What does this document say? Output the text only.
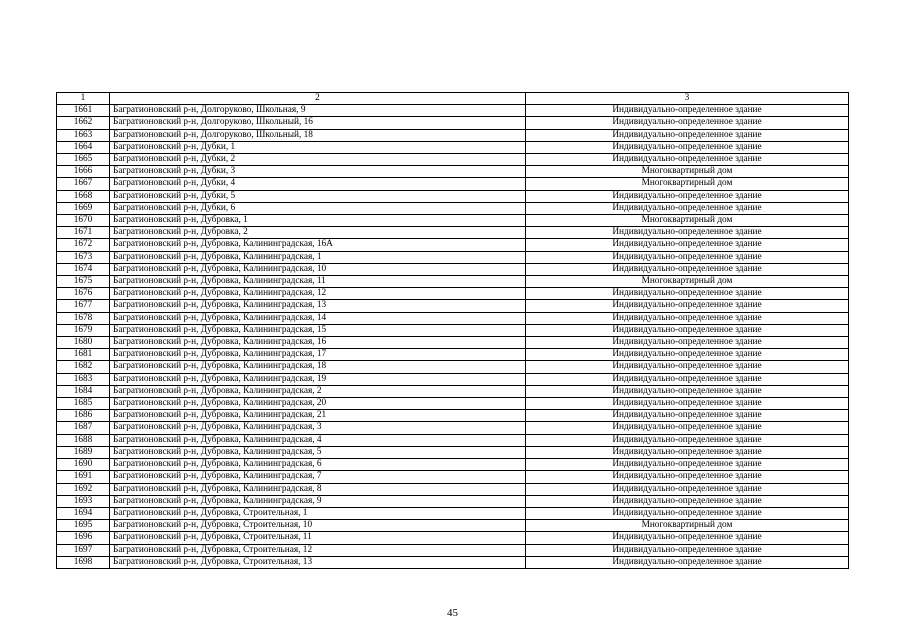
1	2	3
1661	Багратионовский р-н, Долгоруково, Школьная, 9	Индивидуально-определенное здание
1662	Багратионовский р-н, Долгоруково, Школьный, 16	Индивидуально-определенное здание
1663	Багратионовский р-н, Долгоруково, Школьный, 18	Индивидуально-определенное здание
1664	Багратионовский р-н, Дубки, 1	Индивидуально-определенное здание
1665	Багратионовский р-н, Дубки, 2	Индивидуально-определенное здание
1666	Багратионовский р-н, Дубки, 3	Многоквартирный дом
1667	Багратионовский р-н, Дубки, 4	Многоквартирный дом
1668	Багратионовский р-н, Дубки, 5	Индивидуально-определенное здание
1669	Багратионовский р-н, Дубки, 6	Индивидуально-определенное здание
1670	Багратионовский р-н, Дубровка, 1	Многоквартирный дом
1671	Багратионовский р-н, Дубровка, 2	Индивидуально-определенное здание
1672	Багратионовский р-н, Дубровка, Калининградская, 16А	Индивидуально-определенное здание
1673	Багратионовский р-н, Дубровка, Калининградская, 1	Индивидуально-определенное здание
1674	Багратионовский р-н, Дубровка, Калининградская, 10	Индивидуально-определенное здание
1675	Багратионовский р-н, Дубровка, Калининградская, 11	Многоквартирный дом
1676	Багратионовский р-н, Дубровка, Калининградская, 12	Индивидуально-определенное здание
1677	Багратионовский р-н, Дубровка, Калининградская, 13	Индивидуально-определенное здание
1678	Багратионовский р-н, Дубровка, Калининградская, 14	Индивидуально-определенное здание
1679	Багратионовский р-н, Дубровка, Калининградская, 15	Индивидуально-определенное здание
1680	Багратионовский р-н, Дубровка, Калининградская, 16	Индивидуально-определенное здание
1681	Багратионовский р-н, Дубровка, Калининградская, 17	Индивидуально-определенное здание
1682	Багратионовский р-н, Дубровка, Калининградская, 18	Индивидуально-определенное здание
1683	Багратионовский р-н, Дубровка, Калининградская, 19	Индивидуально-определенное здание
1684	Багратионовский р-н, Дубровка, Калининградская, 2	Индивидуально-определенное здание
1685	Багратионовский р-н, Дубровка, Калининградская, 20	Индивидуально-определенное здание
1686	Багратионовский р-н, Дубровка, Калининградская, 21	Индивидуально-определенное здание
1687	Багратионовский р-н, Дубровка, Калининградская, 3	Индивидуально-определенное здание
1688	Багратионовский р-н, Дубровка, Калининградская, 4	Индивидуально-определенное здание
1689	Багратионовский р-н, Дубровка, Калининградская, 5	Индивидуально-определенное здание
1690	Багратионовский р-н, Дубровка, Калининградская, 6	Индивидуально-определенное здание
1691	Багратионовский р-н, Дубровка, Калининградская, 7	Индивидуально-определенное здание
1692	Багратионовский р-н, Дубровка, Калининградская, 8	Индивидуально-определенное здание
1693	Багратионовский р-н, Дубровка, Калининградская, 9	Индивидуально-определенное здание
1694	Багратионовский р-н, Дубровка, Строительная, 1	Индивидуально-определенное здание
1695	Багратионовский р-н, Дубровка, Строительная, 10	Многоквартирный дом
1696	Багратионовский р-н, Дубровка, Строительная, 11	Индивидуально-определенное здание
1697	Багратионовский р-н, Дубровка, Строительная, 12	Индивидуально-определенное здание
1698	Багратионовский р-н, Дубровка, Строительная, 13	Индивидуально-определенное здание
45
